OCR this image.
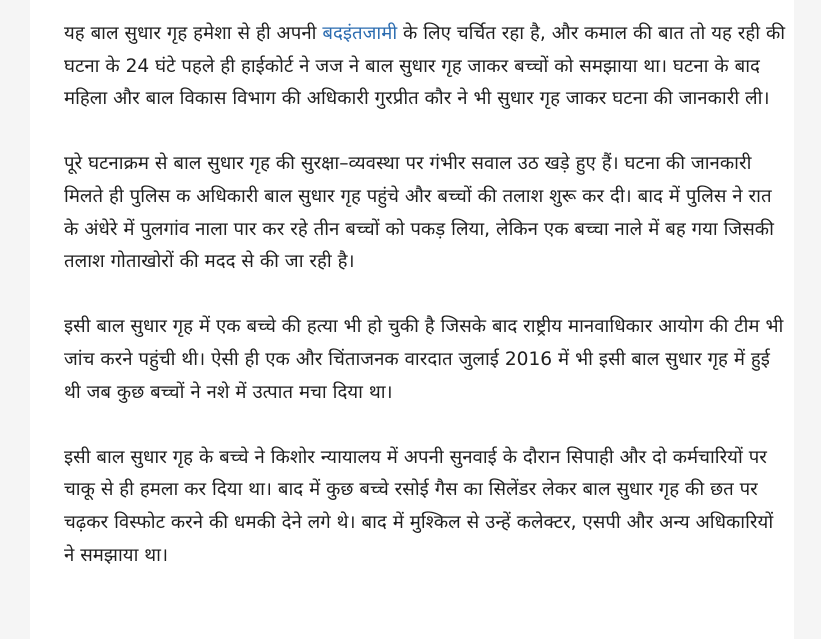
यह बाल सुधार गृह हमेशा से ही अपनी बदइंतजामी के लिए चर्चित रहा है, और कमाल की बात तो यह रही की घटना के 24 घंटे पहले ही हाईकोर्ट ने जज ने बाल सुधार गृह जाकर बच्चों को समझाया था। घटना के बाद महिला और बाल विकास विभाग की अधिकारी गुरप्रीत कौर ने भी सुधार गृह जाकर घटना की जानकारी ली।

पूरे घटनाक्रम से बाल सुधार गृह की सुरक्षा–व्यवस्था पर गंभीर सवाल उठ खड़े हुए हैं। घटना की जानकारी मिलते ही पुलिस क अधिकारी बाल सुधार गृह पहुंचे और बच्चों की तलाश शुरू कर दी। बाद में पुलिस ने रात के अंधेरे में पुलगांव नाला पार कर रहे तीन बच्चों को पकड़ लिया, लेकिन एक बच्चा नाले में बह गया जिसकी तलाश गोताखोरों की मदद से की जा रही है।

इसी बाल सुधार गृह में एक बच्चे की हत्या भी हो चुकी है जिसके बाद राष्ट्रीय मानवाधिकार आयोग की टीम भी जांच करने पहुंची थी। ऐसी ही एक और चिंताजनक वारदात जुलाई 2016 में भी इसी बाल सुधार गृह में हुई थी जब कुछ बच्चों ने नशे में उत्पात मचा दिया था।

इसी बाल सुधार गृह के बच्चे ने किशोर न्यायालय में अपनी सुनवाई के दौरान सिपाही और दो कर्मचारियों पर चाकू से ही हमला कर दिया था। बाद में कुछ बच्चे रसोई गैस का सिलेंडर लेकर बाल सुधार गृह की छत पर चढ़कर विस्फोट करने की धमकी देने लगे थे। बाद में मुश्किल से उन्हें कलेक्टर, एसपी और अन्य अधिकारियों ने समझाया था।
